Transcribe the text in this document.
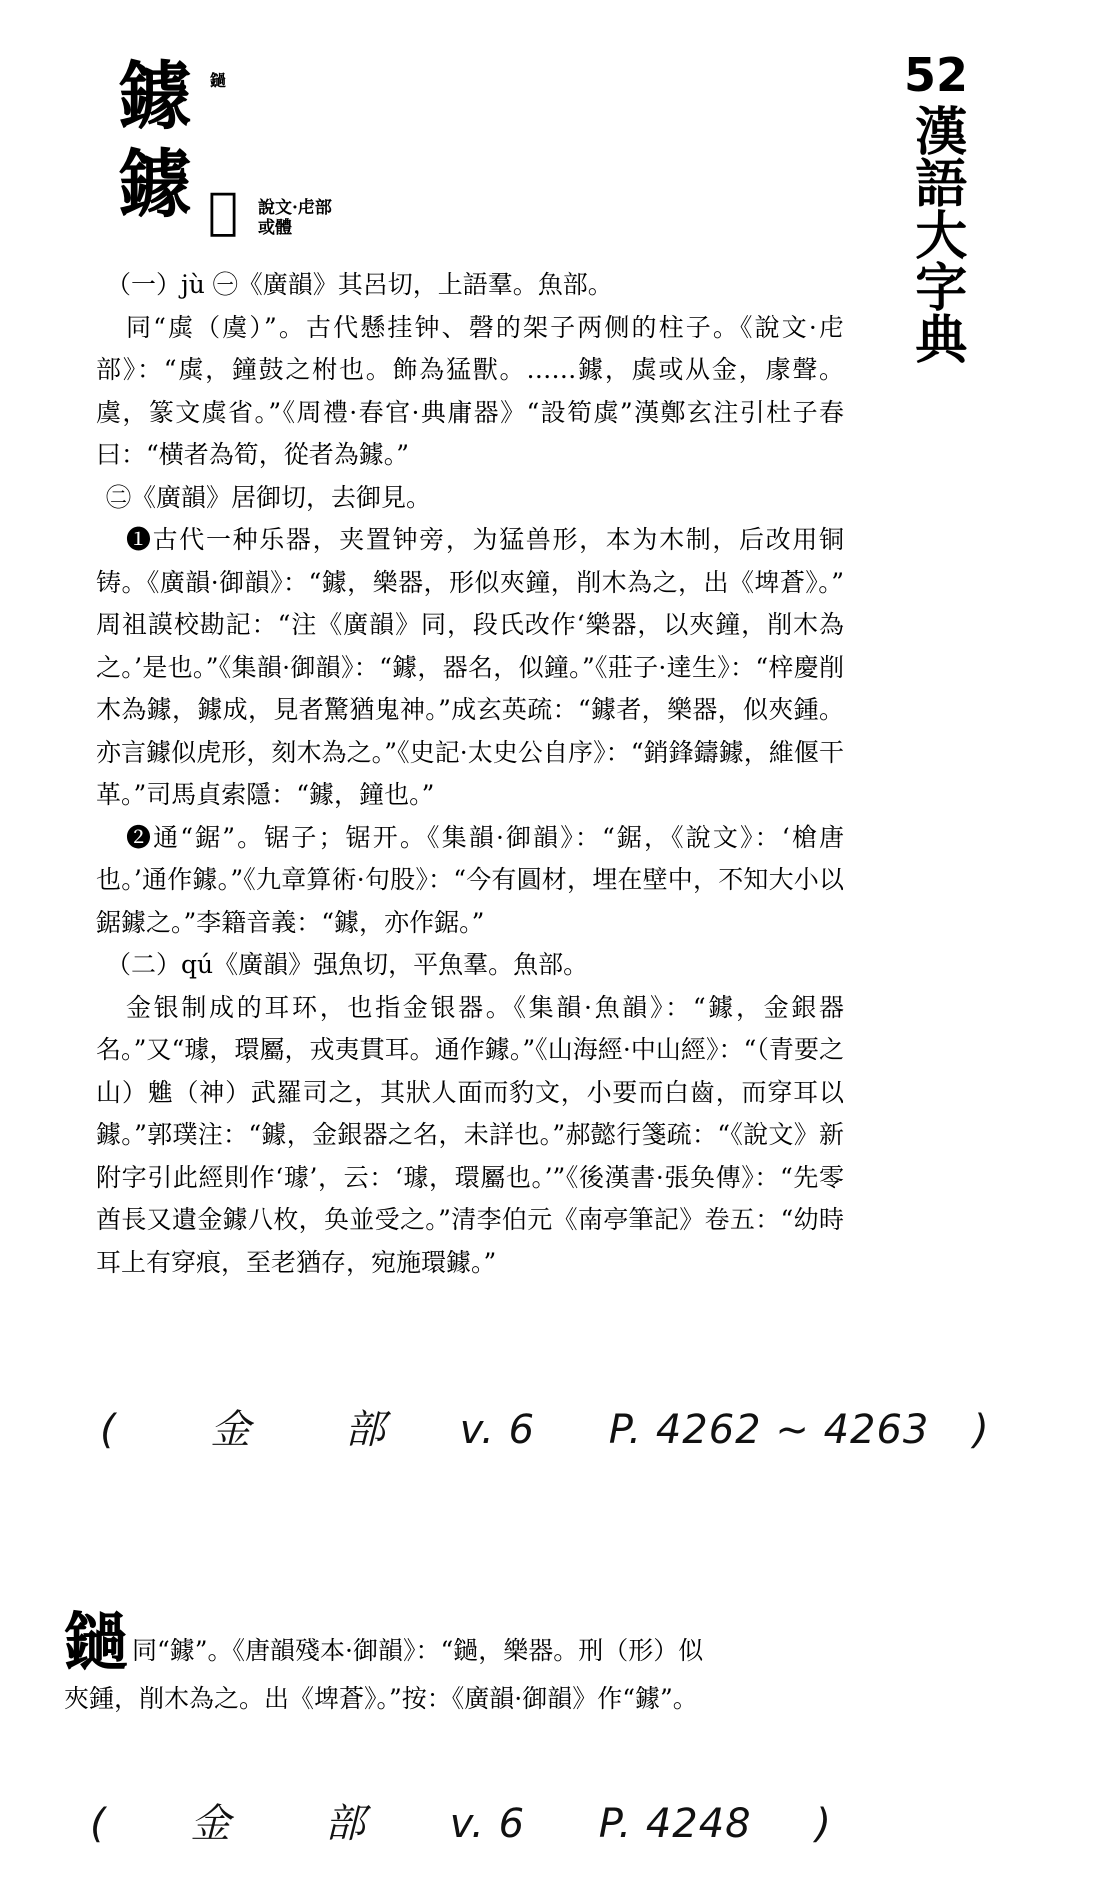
52
漢語大字典
鐻 鐹
鐻 𨯕 說文·虍部
或體

（一）jù ㊀《廣韻》其呂切，上語羣。魚部。

同“虡（虞）”。古代懸挂钟、磬的架子两侧的柱子。《說文·虍部》：“虡，鐘鼓之柎也。飾為猛獸。……鐻，虡或从金，豦聲。虞，篆文虡省。”《周禮·春官·典庸器》“設筍虡”漢鄭玄注引杜子春曰：“横者為筍，從者為鐻。”

㊁《廣韻》居御切，去御見。

❶古代一种乐器，夹置钟旁，为猛兽形，本为木制，后改用铜铸。《廣韻·御韻》：“鐻，樂器，形似夾鐘，削木為之，出《埤蒼》。” 周祖謨校勘記：“注《廣韻》同，段氏改作‘樂器，以夾鐘，削木為之。’是也。”《集韻·御韻》：“鐻，器名，似鐘。”《莊子·達生》：“梓慶削木為鐻，鐻成，見者驚猶鬼神。”成玄英疏：“鐻者，樂器，似夾鍾。亦言鐻似虎形，刻木為之。”《史記·太史公自序》：“銷鋒鑄鐻，維偃干革。”司馬貞索隱：“鐻，鐘也。”

❷通“鋸”。锯子；锯开。《集韻·御韻》：“鋸，《說文》：‘槍唐也。’通作鐻。”《九章算術·句股》：“今有圓材，埋在壁中，不知大小以鋸鐻之。”李籍音義：“鐻，亦作鋸。”

（二）qú《廣韻》强魚切，平魚羣。魚部。

金银制成的耳环，也指金银器。《集韻·魚韻》：“鐻，金銀器名。”又“璩，環屬，戎夷貫耳。通作鐻。”《山海經·中山經》：“（青要之山）魋（神）武羅司之，其狀人面而豹文，小要而白齒，而穿耳以鐻。”郭璞注：“鐻，金銀器之名，未詳也。”郝懿行箋疏：“《說文》新附字引此經則作‘璩’，云：‘璩，環屬也。’”《後漢書·張奂傳》：“先零酋長又遺金鐻八枚，奂並受之。”清李伯元《南亭筆記》卷五：“幼時耳上有穿痕，至老猶存，宛施環鐻。”

( 金 部 v. 6 P. 4262 ~ 4263 )
鐹同“鐻”。《唐韻殘本·御韻》：“鐹，樂器。刑（形）似
夾鍾，削木為之。出《埤蒼》。”按：《廣韻·御韻》作“鐻”。
( 金 部 v. 6 P. 4248 )
